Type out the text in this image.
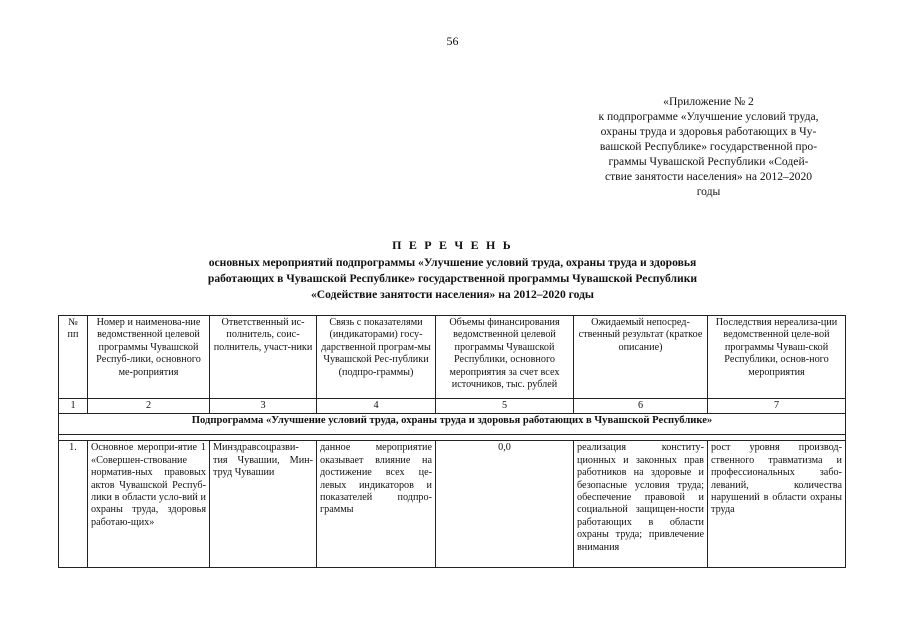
56
«Приложение № 2
к подпрограмме «Улучшение условий труда,
охраны труда и здоровья работающих в Чу-
вашской Республике» государственной про-
граммы Чувашской Республики «Содей-
ствие занятости населения» на 2012–2020
годы
П Е Р Е Ч Е Н Ь
основных мероприятий подпрограммы «Улучшение условий труда, охраны труда и здоровья
работающих в Чувашской Республике» государственной программы Чувашской Республики
«Содействие занятости населения» на 2012–2020 годы
№ пп	Номер и наименова-ние ведомственной целевой программы Чувашской Респуб-лики, основного ме-роприятия	Ответственный ис-полнитель, соис-полнитель, участ-ники	Связь с показателями (индикаторами) госу-дарственной програм-мы Чувашской Рес-публики (подпро-граммы)	Объемы финансирования ведомственной целевой программы Чувашской Республики, основного мероприятия за счет всех источников, тыс. рублей	Ожидаемый непосред-ственный результат (краткое описание)	Последствия нереализа-ции ведомственной целе-вой программы Чуваш-ской Республики, основ-ного мероприятия
1	2	3	4	5	6	7
Подпрограмма «Улучшение условий труда, охраны труда и здоровья работающих в Чувашской Республике»						

1.	Основное меропри-ятие 1 «Совершен-ствование норматив-ных правовых актов Чувашской Респуб-лики в области усло-вий и охраны труда, здоровья работаю-щих»	Минздравсоцразви-тия Чувашии, Мин-труд Чувашии	данное мероприятие оказывает влияние на достижение всех це-левых индикаторов и показателей подпро-граммы	0,0	реализация конститу-ционных и законных прав работников на здоровые и безопасные условия труда; обеспечение правовой и социальной защищен-ности работающих в области охраны труда; привлечение внимания	рост уровня производ-ственного травматизма и профессиональных забо-леваний, количества нарушений в области охраны труда
